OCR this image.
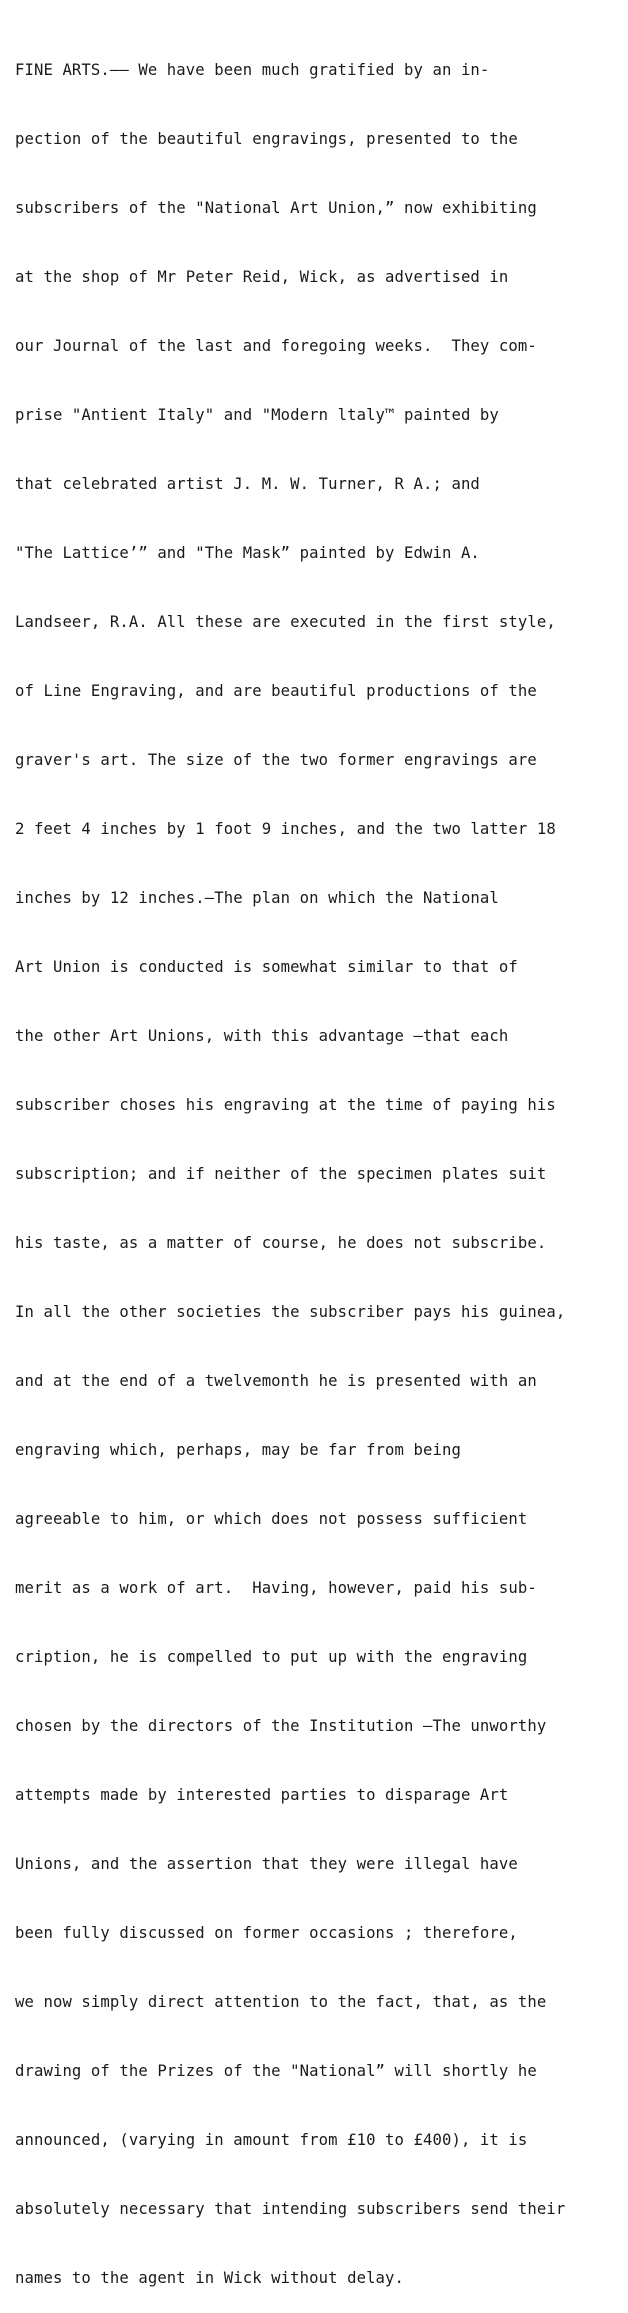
FINE ARTS.—— We have been much gratified by an in-

pection of the beautiful engravings, presented to the

subscribers of the "National Art Union,” now exhibiting

at the shop of Mr Peter Reid, Wick, as advertised in

our Journal of the last and foregoing weeks.  They com-

prise "Antient Italy" and "Modern ltaly™ painted by

that celebrated artist J. M. W. Turner, R A.; and

"The Lattice’” and "The Mask” painted by Edwin A.

Landseer, R.A. All these are executed in the first style,

of Line Engraving, and are beautiful productions of the

graver's art. The size of the two former engravings are

2 feet 4 inches by 1 foot 9 inches, and the two latter 18

inches by 12 inches.—The plan on which the National

Art Union is conducted is somewhat similar to that of

the other Art Unions, with this advantage —that each

subscriber choses his engraving at the time of paying his

subscription; and if neither of the specimen plates suit

his taste, as a matter of course, he does not subscribe.

In all the other societies the subscriber pays his guinea,

and at the end of a twelvemonth he is presented with an

engraving which, perhaps, may be far from being

agreeable to him, or which does not possess sufficient

merit as a work of art.  Having, however, paid his sub-

cription, he is compelled to put up with the engraving

chosen by the directors of the Institution —The unworthy

attempts made by interested parties to disparage Art

Unions, and the assertion that they were illegal have

been fully discussed on former occasions ; therefore,

we now simply direct attention to the fact, that, as the

drawing of the Prizes of the "National” will shortly he

announced, (varying in amount from £10 to £400), it is

absolutely necessary that intending subscribers send their

names to the agent in Wick without delay.
